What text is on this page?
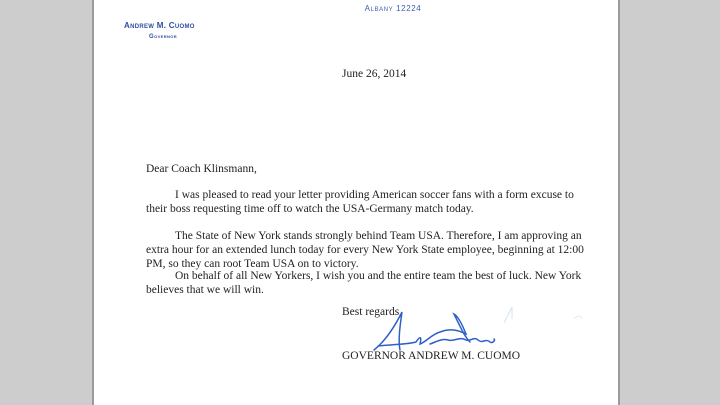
Albany 12224
Andrew M. Cuomo
Governor
June 26, 2014
Dear Coach Klinsmann,
I was pleased to read your letter providing American soccer fans with a form excuse to their boss requesting time off to watch the USA-Germany match today.
The State of New York stands strongly behind Team USA. Therefore, I am approving an extra hour for an extended lunch today for every New York State employee, beginning at 12:00 PM, so they can root Team USA on to victory.
On behalf of all New Yorkers, I wish you and the entire team the best of luck. New York believes that we will win.
Best regards,
GOVERNOR ANDREW M. CUOMO
